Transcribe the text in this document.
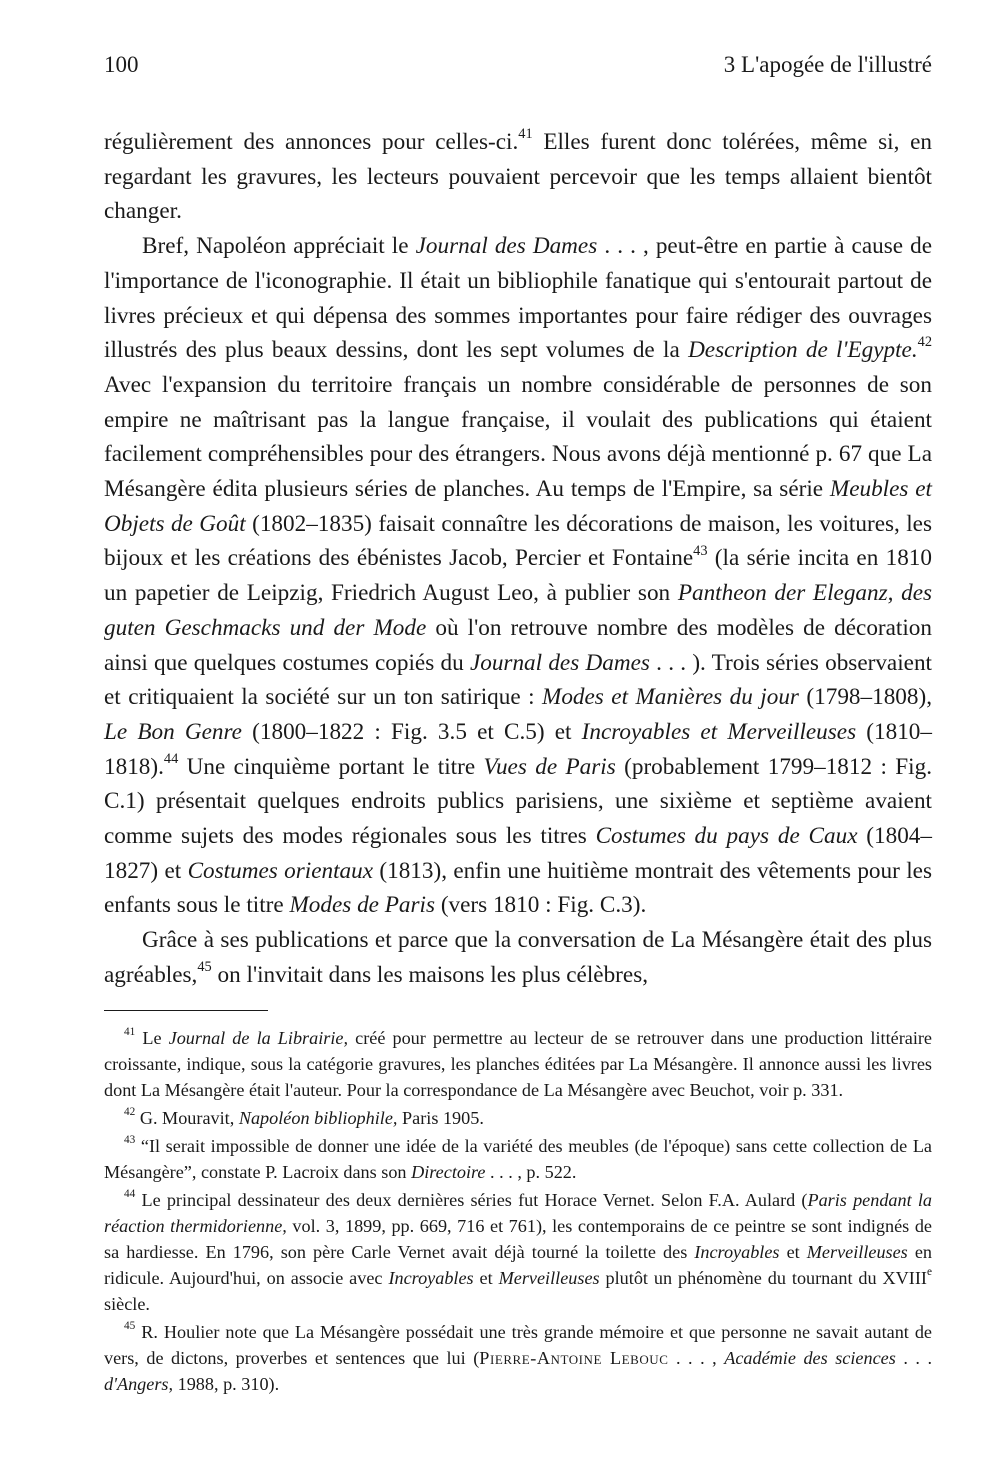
100	3 L'apogée de l'illustré

régulièrement des annonces pour celles-ci.$^{41}$ Elles furent donc tolérées, même si, en regardant les gravures, les lecteurs pouvaient percevoir que les temps allaient bientôt changer.

Bref, Napoléon appréciait le Journal des Dames . . . , peut-être en partie à cause de l'importance de l'iconographie. Il était un bibliophile fanatique qui s'entourait partout de livres précieux et qui dépensa des sommes importantes pour faire rédiger des ouvrages illustrés des plus beaux dessins, dont les sept volumes de la Description de l'Egypte.$^{42}$ Avec l'expansion du territoire français un nombre considérable de personnes de son empire ne maîtrisant pas la langue française, il voulait des publications qui étaient facilement compréhensibles pour des étrangers. Nous avons déjà mentionné p. 67 que La Mésangère édita plusieurs séries de planches. Au temps de l'Empire, sa série Meubles et Objets de Goût (1802–1835) faisait connaître les décorations de maison, les voitures, les bijoux et les créations des ébénistes Jacob, Percier et Fontaine$^{43}$ (la série incita en 1810 un papetier de Leipzig, Friedrich August Leo, à publier son Pantheon der Eleganz, des guten Geschmacks und der Mode où l'on retrouve nombre des modèles de décoration ainsi que quelques costumes copiés du Journal des Dames . . . ). Trois séries observaient et critiquaient la société sur un ton satirique : Modes et Manières du jour (1798–1808), Le Bon Genre (1800–1822 : Fig. 3.5 et C.5) et Incroyables et Merveilleuses (1810–1818).$^{44}$ Une cinquième portant le titre Vues de Paris (probablement 1799–1812 : Fig. C.1) présentait quelques endroits publics parisiens, une sixième et septième avaient comme sujets des modes régionales sous les titres Costumes du pays de Caux (1804–1827) et Costumes orientaux (1813), enfin une huitième montrait des vêtements pour les enfants sous le titre Modes de Paris (vers 1810 : Fig. C.3).

Grâce à ses publications et parce que la conversation de La Mésangère était des plus agréables,$^{45}$ on l'invitait dans les maisons les plus célèbres,

$^{41}$ Le Journal de la Librairie, créé pour permettre au lecteur de se retrouver dans une production littéraire croissante, indique, sous la catégorie gravures, les planches éditées par La Mésangère. Il annonce aussi les livres dont La Mésangère était l'auteur. Pour la correspondance de La Mésangère avec Beuchot, voir p. 331.

$^{42}$ G. Mouravit, Napoléon bibliophile, Paris 1905.

$^{43}$ “Il serait impossible de donner une idée de la variété des meubles (de l'époque) sans cette collection de La Mésangère”, constate P. Lacroix dans son Directoire . . . , p. 522.

$^{44}$ Le principal dessinateur des deux dernières séries fut Horace Vernet. Selon F.A. Aulard (Paris pendant la réaction thermidorienne, vol. 3, 1899, pp. 669, 716 et 761), les contemporains de ce peintre se sont indignés de sa hardiesse. En 1796, son père Carle Vernet avait déjà tourné la toilette des Incroyables et Merveilleuses en ridicule. Aujourd'hui, on associe avec Incroyables et Merveilleuses plutôt un phénomène du tournant du XVIIIe siècle.

$^{45}$ R. Houlier note que La Mésangère possédait une très grande mémoire et que personne ne savait autant de vers, de dictons, proverbes et sentences que lui (Pierre-Antoine Lebouc . . . , Académie des sciences . . . d'Angers, 1988, p. 310).
